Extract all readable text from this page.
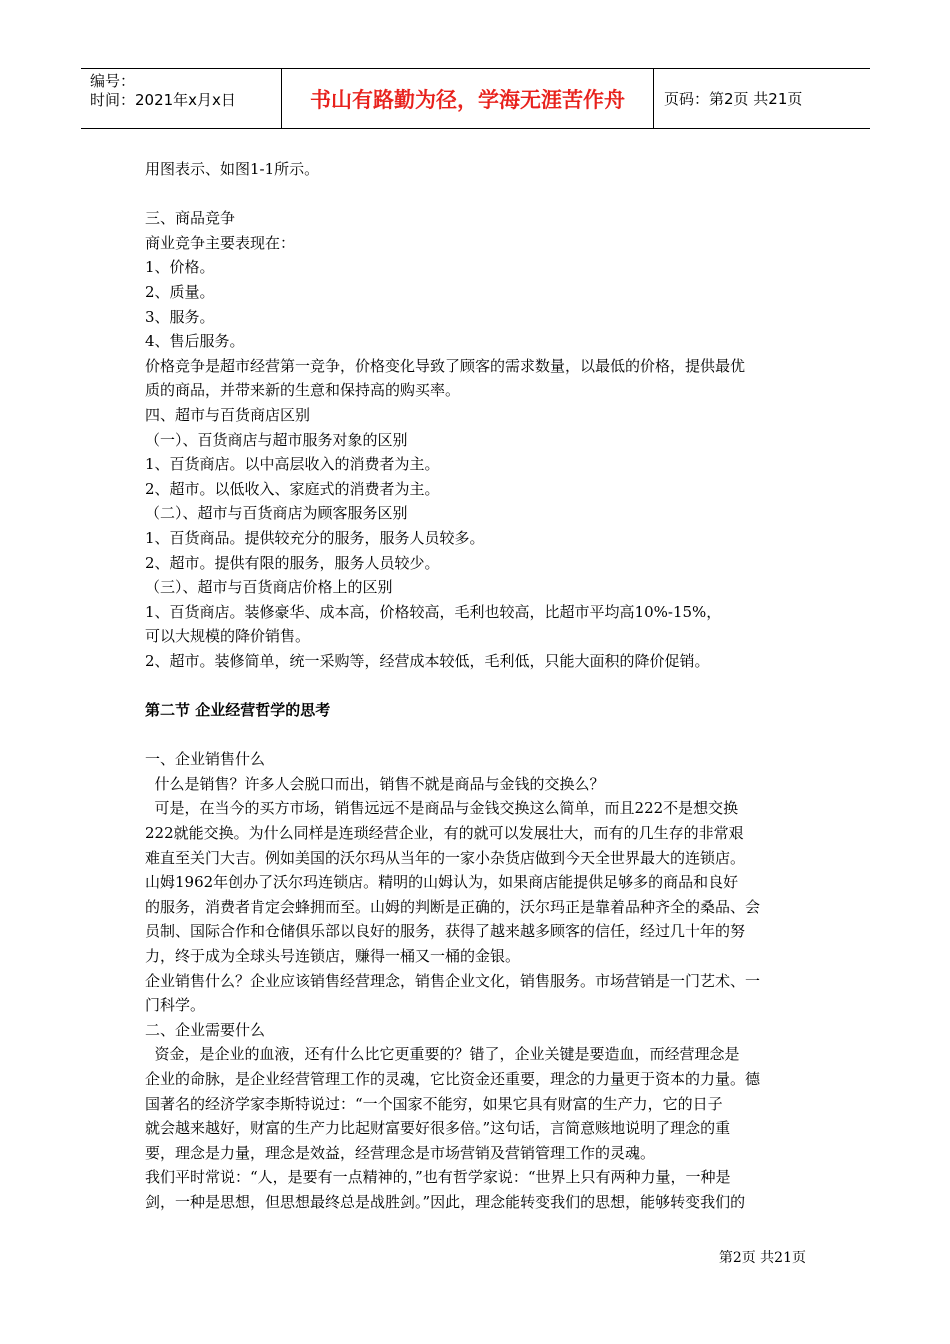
编号：
时间：2021年x月x日	书山有路勤为径，学海无涯苦作舟	页码：第2页 共21页

用图表示、如图1-1所示。

三、商品竞争

商业竞争主要表现在：

1、价格。

2、质量。

3、服务。

4、售后服务。

价格竞争是超市经营第一竞争，价格变化导致了顾客的需求数量，以最低的价格，提供最优

质的商品，并带来新的生意和保持高的购买率。

四、超市与百货商店区别

（一）、百货商店与超市服务对象的区别

1、百货商店。以中高层收入的消费者为主。

2、超市。以低收入、家庭式的消费者为主。

（二）、超市与百货商店为顾客服务区别

1、百货商品。提供较充分的服务，服务人员较多。

2、超市。提供有限的服务，服务人员较少。

（三）、超市与百货商店价格上的区别

1、百货商店。装修豪华、成本高，价格较高，毛利也较高，比超市平均高10%-15%，

可以大规模的降价销售。

2、超市。装修简单，统一采购等，经营成本较低，毛利低，只能大面积的降价促销。

第二节 企业经营哲学的思考

一、企业销售什么

什么是销售？许多人会脱口而出，销售不就是商品与金钱的交换么？

可是，在当今的买方市场，销售远远不是商品与金钱交换这么简单，而且222不是想交换

222就能交换。为什么同样是连琐经营企业，有的就可以发展壮大，而有的几生存的非常艰

难直至关门大吉。例如美国的沃尔玛从当年的一家小杂货店做到今天全世界最大的连锁店。

山姆1962年创办了沃尔玛连锁店。精明的山姆认为，如果商店能提供足够多的商品和良好

的服务，消费者肯定会蜂拥而至。山姆的判断是正确的，沃尔玛正是靠着品种齐全的桑品、会

员制、国际合作和仓储俱乐部以良好的服务，获得了越来越多顾客的信任，经过几十年的努

力，终于成为全球头号连锁店，赚得一桶又一桶的金银。

企业销售什么？企业应该销售经营理念，销售企业文化，销售服务。市场营销是一门艺术、一

门科学。

二、企业需要什么

资金，是企业的血液，还有什么比它更重要的？错了，企业关键是要造血，而经营理念是

企业的命脉，是企业经营管理工作的灵魂，它比资金还重要，理念的力量更于资本的力量。德

国著名的经济学家李斯特说过：“一个国家不能穷，如果它具有财富的生产力，它的日子

就会越来越好，财富的生产力比起财富要好很多倍。”这句话，言简意赅地说明了理念的重

要，理念是力量，理念是效益，经营理念是市场营销及营销管理工作的灵魂。

我们平时常说：“人，是要有一点精神的，”也有哲学家说：“世界上只有两种力量，一种是

剑，一种是思想，但思想最终总是战胜剑。”因此，理念能转变我们的思想，能够转变我们的

第2页 共21页
